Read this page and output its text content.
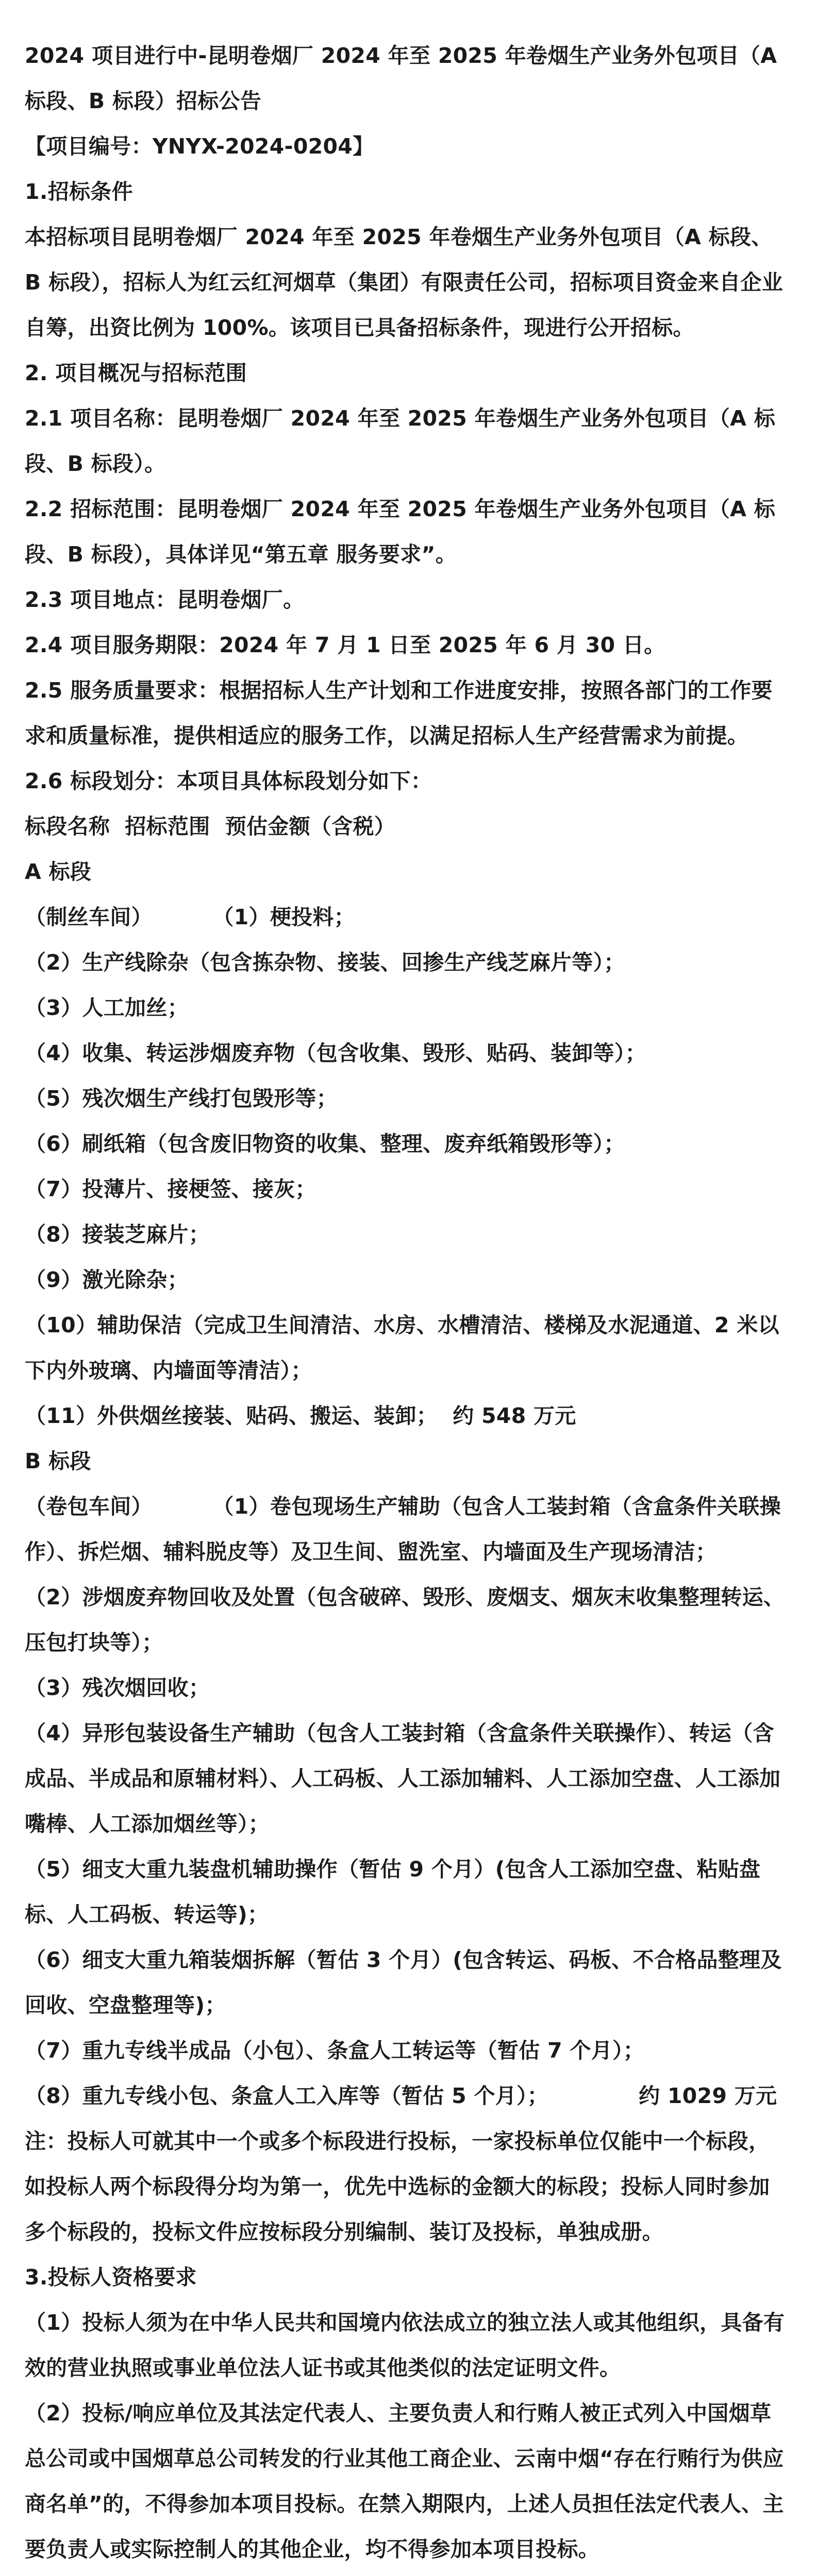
2024 项目进行中-昆明卷烟厂 2024 年至 2025 年卷烟生产业务外包项目（A 标段、B 标段）招标公告

【项目编号：YNYX-2024-0204】

1.招标条件

本招标项目昆明卷烟厂 2024 年至 2025 年卷烟生产业务外包项目（A 标段、B 标段），招标人为红云红河烟草（集团）有限责任公司，招标项目资金来自企业自筹，出资比例为 100%。该项目已具备招标条件，现进行公开招标。

2. 项目概况与招标范围

2.1 项目名称：昆明卷烟厂 2024 年至 2025 年卷烟生产业务外包项目（A 标段、B 标段）。

2.2 招标范围：昆明卷烟厂 2024 年至 2025 年卷烟生产业务外包项目（A 标段、B 标段），具体详见“第五章 服务要求”。

2.3 项目地点：昆明卷烟厂。

2.4 项目服务期限：2024 年 7 月 1 日至 2025 年 6 月 30 日。

2.5 服务质量要求：根据招标人生产计划和工作进度安排，按照各部门的工作要求和质量标准，提供相适应的服务工作，以满足招标人生产经营需求为前提。

2.6 标段划分：本项目具体标段划分如下：

标段名称  招标范围  预估金额（含税）

A 标段

（制丝车间）        （1）梗投料；

（2）生产线除杂（包含拣杂物、接装、回掺生产线芝麻片等）；

（3）人工加丝；

（4）收集、转运涉烟废弃物（包含收集、毁形、贴码、装卸等）；

（5）残次烟生产线打包毁形等；
（6）刷纸箱（包含废旧物资的收集、整理、废弃纸箱毁形等）；

（7）投薄片、接梗签、接灰；

（8）接装芝麻片；

（9）激光除杂；

（10）辅助保洁（完成卫生间清洁、水房、水槽清洁、楼梯及水泥通道、2 米以下内外玻璃、内墙面等清洁）；

（11）外供烟丝接装、贴码、搬运、装卸；  约 548 万元

B 标段

（卷包车间）        （1）卷包现场生产辅助（包含人工装封箱（含盒条件关联操作）、拆烂烟、辅料脱皮等）及卫生间、盥洗室、内墙面及生产现场清洁；

（2）涉烟废弃物回收及处置（包含破碎、毁形、废烟支、烟灰末收集整理转运、压包打块等）；

（3）残次烟回收；

（4）异形包装设备生产辅助（包含人工装封箱（含盒条件关联操作）、转运（含成品、半成品和原辅材料）、人工码板、人工添加辅料、人工添加空盘、人工添加嘴棒、人工添加烟丝等）；

（5）细支大重九装盘机辅助操作（暂估 9 个月）(包含人工添加空盘、粘贴盘标、人工码板、转运等)；

（6）细支大重九箱装烟拆解（暂估 3 个月）(包含转运、码板、不合格品整理及回收、空盘整理等)；

（7）重九专线半成品（小包）、条盒人工转运等（暂估 7 个月）；

（8）重九专线小包、条盒人工入库等（暂估 5 个月）；            约 1029 万元

注：投标人可就其中一个或多个标段进行投标，一家投标单位仅能中一个标段，如投标人两个标段得分均为第一，优先中选标的金额大的标段；投标人同时参加多个标段的，投标文件应按标段分别编制、装订及投标，单独成册。

3.投标人资格要求

（1）投标人须为在中华人民共和国境内依法成立的独立法人或其他组织，具备有效的营业执照或事业单位法人证书或其他类似的法定证明文件。

（2）投标/响应单位及其法定代表人、主要负责人和行贿人被正式列入中国烟草总公司或中国烟草总公司转发的行业其他工商企业、云南中烟“存在行贿行为供应商名单”的，不得参加本项目投标。在禁入期限内，上述人员担任法定代表人、主要负责人或实际控制人的其他企业，均不得参加本项目投标。
